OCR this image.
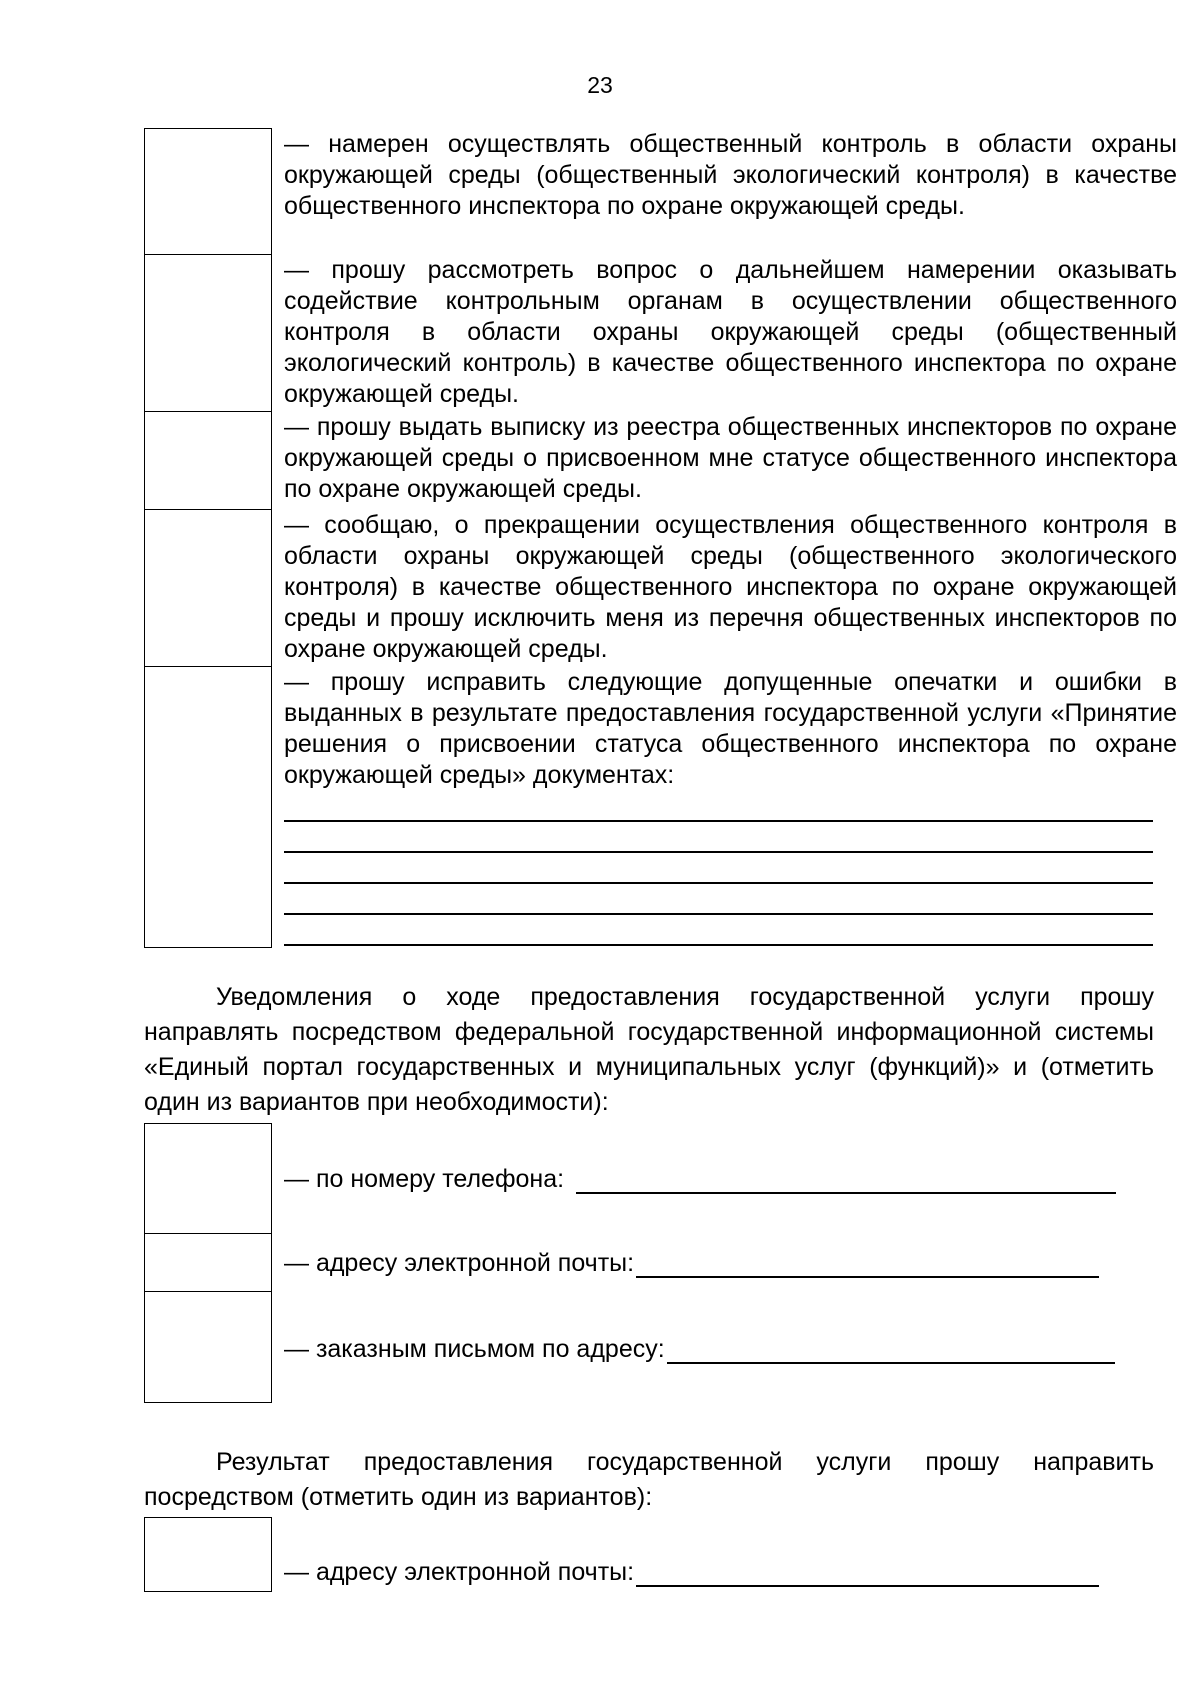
23
— намерен осуществлять общественный контроль в области охраны окружающей среды (общественный экологический контроля) в качестве общественного инспектора по охране окружающей среды.
— прошу рассмотреть вопрос о дальнейшем намерении оказывать содействие контрольным органам в осуществлении общественного контроля в области охраны окружающей среды (общественный экологический контроль) в качестве общественного инспектора по охране окружающей среды.
— прошу выдать выписку из реестра общественных инспекторов по охране окружающей среды о присвоенном мне статусе общественного инспектора по охране окружающей среды.
— сообщаю, о прекращении осуществления общественного контроля в области охраны окружающей среды (общественного экологического контроля) в качестве общественного инспектора по охране окружающей среды и прошу исключить меня из перечня общественных инспекторов по охране окружающей среды.
— прошу исправить следующие допущенные опечатки и ошибки в выданных в результате предоставления государственной услуги «Принятие решения о присвоении статуса общественного инспектора по охране окружающей среды» документах:
Уведомления о ходе предоставления государственной услуги прошу направлять посредством федеральной государственной информационной системы «Единый портал государственных и муниципальных услуг (функций)» и (отметить один из вариантов при необходимости):
— по номеру телефона:
— адресу электронной почты:
— заказным письмом по адресу:
Результат предоставления государственной услуги прошу направить посредством (отметить один из вариантов):
— адресу электронной почты:
